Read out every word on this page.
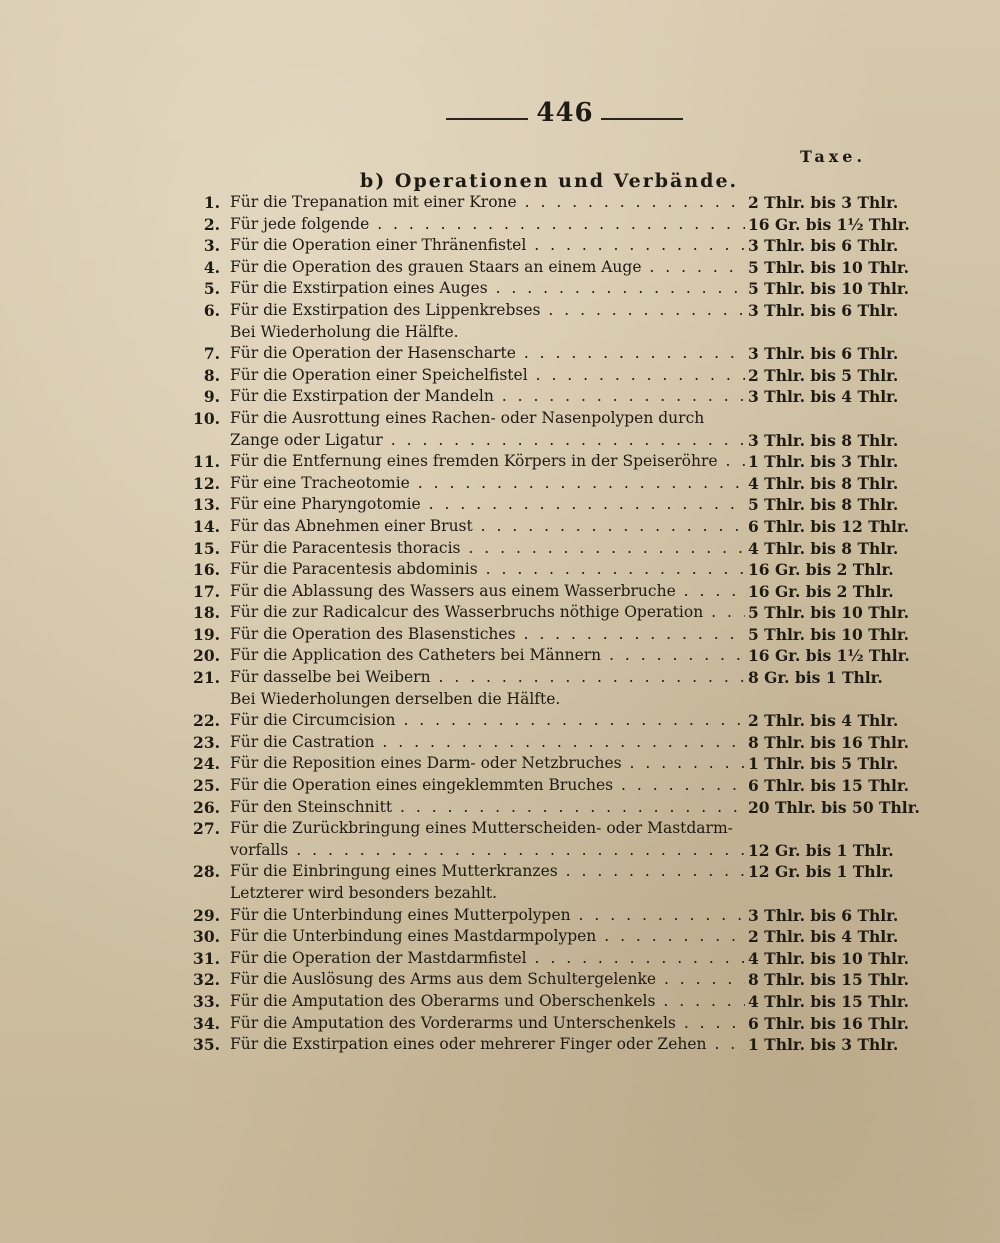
446
Taxe.
b) Operationen und Verbände.
1. Für die Trepanation mit einer Krone . . .	2 Thlr. bis 3 Thlr.
2. Für jede folgende . . .	16 Gr. bis 1½ Thlr.
3. Für die Operation einer Thränenfistel . . .	3 Thlr. bis 6 Thlr.
4. Für die Operation des grauen Staars an einem Auge . . .	5 Thlr. bis 10 Thlr.
5. Für die Exstirpation eines Auges . . .	5 Thlr. bis 10 Thlr.
6. Für die Exstirpation des Lippenkrebses . . .	3 Thlr. bis 6 Thlr.
Bei Wiederholung die Hälfte.
7. Für die Operation der Hasenscharte . . .	3 Thlr. bis 6 Thlr.
8. Für die Operation einer Speichelfistel . . .	2 Thlr. bis 5 Thlr.
9. Für die Exstirpation der Mandeln . . .	3 Thlr. bis 4 Thlr.
10. Für die Ausrottung eines Rachen- oder Nasenpolypen durch
Zange oder Ligatur . . .	3 Thlr. bis 8 Thlr.
11. Für die Entfernung eines fremden Körpers in der Speiseröhre . . .	1 Thlr. bis 3 Thlr.
12. Für eine Tracheotomie . . .	4 Thlr. bis 8 Thlr.
13. Für eine Pharyngotomie . . .	5 Thlr. bis 8 Thlr.
14. Für das Abnehmen einer Brust . . .	6 Thlr. bis 12 Thlr.
15. Für die Paracentesis thoracis . . .	4 Thlr. bis 8 Thlr.
16. Für die Paracentesis abdominis . . .	16 Gr. bis 2 Thlr.
17. Für die Ablassung des Wassers aus einem Wasserbruche . . .	16 Gr. bis 2 Thlr.
18. Für die zur Radicalcur des Wasserbruchs nöthige Operation . . .	5 Thlr. bis 10 Thlr.
19. Für die Operation des Blasenstiches . . .	5 Thlr. bis 10 Thlr.
20. Für die Application des Catheters bei Männern . . .	16 Gr. bis 1½ Thlr.
21. Für dasselbe bei Weibern . . .	8 Gr. bis 1 Thlr.
Bei Wiederholungen derselben die Hälfte.
22. Für die Circumcision . . .	2 Thlr. bis 4 Thlr.
23. Für die Castration . . .	8 Thlr. bis 16 Thlr.
24. Für die Reposition eines Darm- oder Netzbruches . . .	1 Thlr. bis 5 Thlr.
25. Für die Operation eines eingeklemmten Bruches . . .	6 Thlr. bis 15 Thlr.
26. Für den Steinschnitt . . .	20 Thlr. bis 50 Thlr.
27. Für die Zurückbringung eines Mutterscheiden- oder Mastdarm-
vorfalls . . .	12 Gr. bis 1 Thlr.
28. Für die Einbringung eines Mutterkranzes . . .	12 Gr. bis 1 Thlr.
Letzterer wird besonders bezahlt.
29. Für die Unterbindung eines Mutterpolypen . . .	3 Thlr. bis 6 Thlr.
30. Für die Unterbindung eines Mastdarmpolypen . . .	2 Thlr. bis 4 Thlr.
31. Für die Operation der Mastdarmfistel . . .	4 Thlr. bis 10 Thlr.
32. Für die Auslösung des Arms aus dem Schultergelenke . . .	8 Thlr. bis 15 Thlr.
33. Für die Amputation des Oberarms und Oberschenkels . . .	4 Thlr. bis 15 Thlr.
34. Für die Amputation des Vorderarms und Unterschenkels . . .	6 Thlr. bis 16 Thlr.
35. Für die Exstirpation eines oder mehrerer Finger oder Zehen . . .	1 Thlr. bis 3 Thlr.
